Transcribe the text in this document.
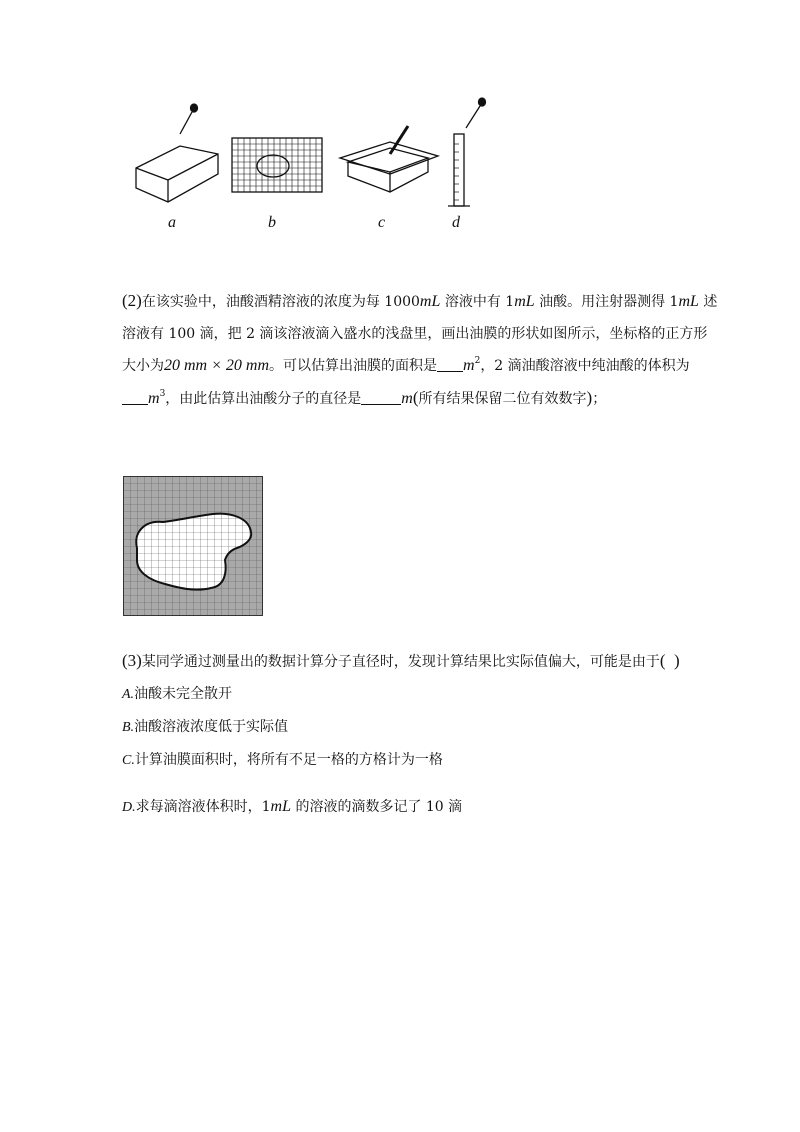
a	b	c	d
(2)在该实验中，油酸酒精溶液的浓度为每 1000mL 溶液中有 1mL 油酸。用注射器测得 1mL 述
溶液有 100 滴，把 2 滴该溶液滴入盛水的浅盘里，画出油膜的形状如图所示，坐标格的正方形
大小为20 mm × 20 mm。可以估算出油膜的面积是 $m^2$，2 滴油酸溶液中纯油酸的体积为
$m^3$，由此估算出油酸分子的直径是	m(所有结果保留二位有效数字)；
(3)某同学通过测量出的数据计算分子直径时，发现计算结果比实际值偏大，可能是由于(  )
A.油酸未完全散开
B.油酸溶液浓度低于实际值
C.计算油膜面积时，将所有不足一格的方格计为一格
D.求每滴溶液体积时，1mL 的溶液的滴数多记了 10 滴
